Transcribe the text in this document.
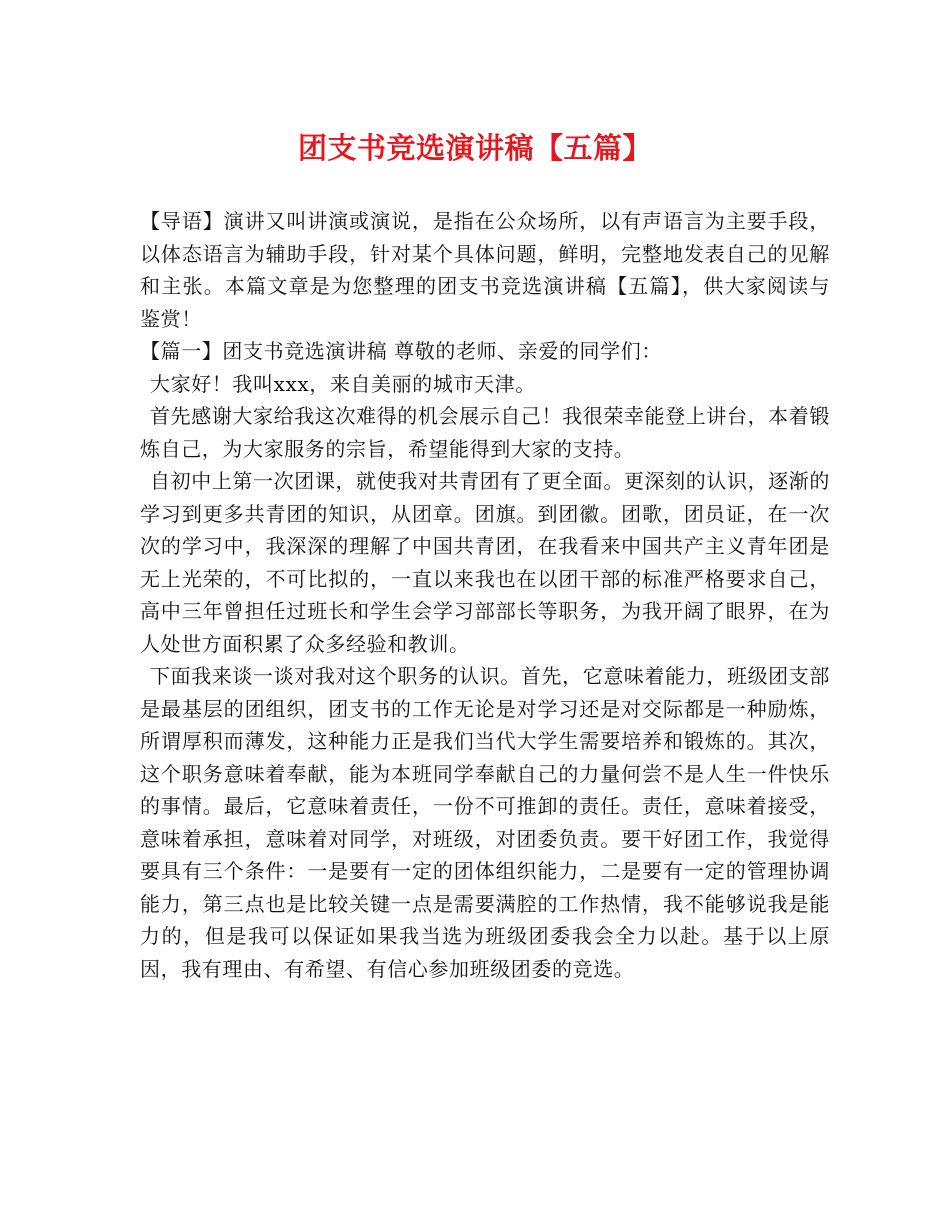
团支书竞选演讲稿【五篇】

【导语】演讲又叫讲演或演说，是指在公众场所，以有声语言为主要手段，以体态语言为辅助手段，针对某个具体问题，鲜明，完整地发表自己的见解和主张。本篇文章是为您整理的团支书竞选演讲稿【五篇】，供大家阅读与鉴赏！

【篇一】团支书竞选演讲稿 尊敬的老师、亲爱的同学们：

大家好！我叫xxx，来自美丽的城市天津。

首先感谢大家给我这次难得的机会展示自己！我很荣幸能登上讲台，本着锻炼自己，为大家服务的宗旨，希望能得到大家的支持。

自初中上第一次团课，就使我对共青团有了更全面。更深刻的认识，逐渐的学习到更多共青团的知识，从团章。团旗。到团徽。团歌，团员证，在一次次的学习中，我深深的理解了中国共青团，在我看来中国共产主义青年团是无上光荣的，不可比拟的，一直以来我也在以团干部的标准严格要求自己，高中三年曾担任过班长和学生会学习部部长等职务，为我开阔了眼界，在为人处世方面积累了众多经验和教训。

下面我来谈一谈对我对这个职务的认识。首先，它意味着能力，班级团支部是最基层的团组织，团支书的工作无论是对学习还是对交际都是一种励炼，所谓厚积而薄发，这种能力正是我们当代大学生需要培养和锻炼的。其次，这个职务意味着奉献，能为本班同学奉献自己的力量何尝不是人生一件快乐的事情。最后，它意味着责任，一份不可推卸的责任。责任，意味着接受，意味着承担，意味着对同学，对班级，对团委负责。要干好团工作，我觉得要具有三个条件：一是要有一定的团体组织能力，二是要有一定的管理协调能力，第三点也是比较关键一点是需要满腔的工作热情，我不能够说我是能力的，但是我可以保证如果我当选为班级团委我会全力以赴。基于以上原因，我有理由、有希望、有信心参加班级团委的竞选。
